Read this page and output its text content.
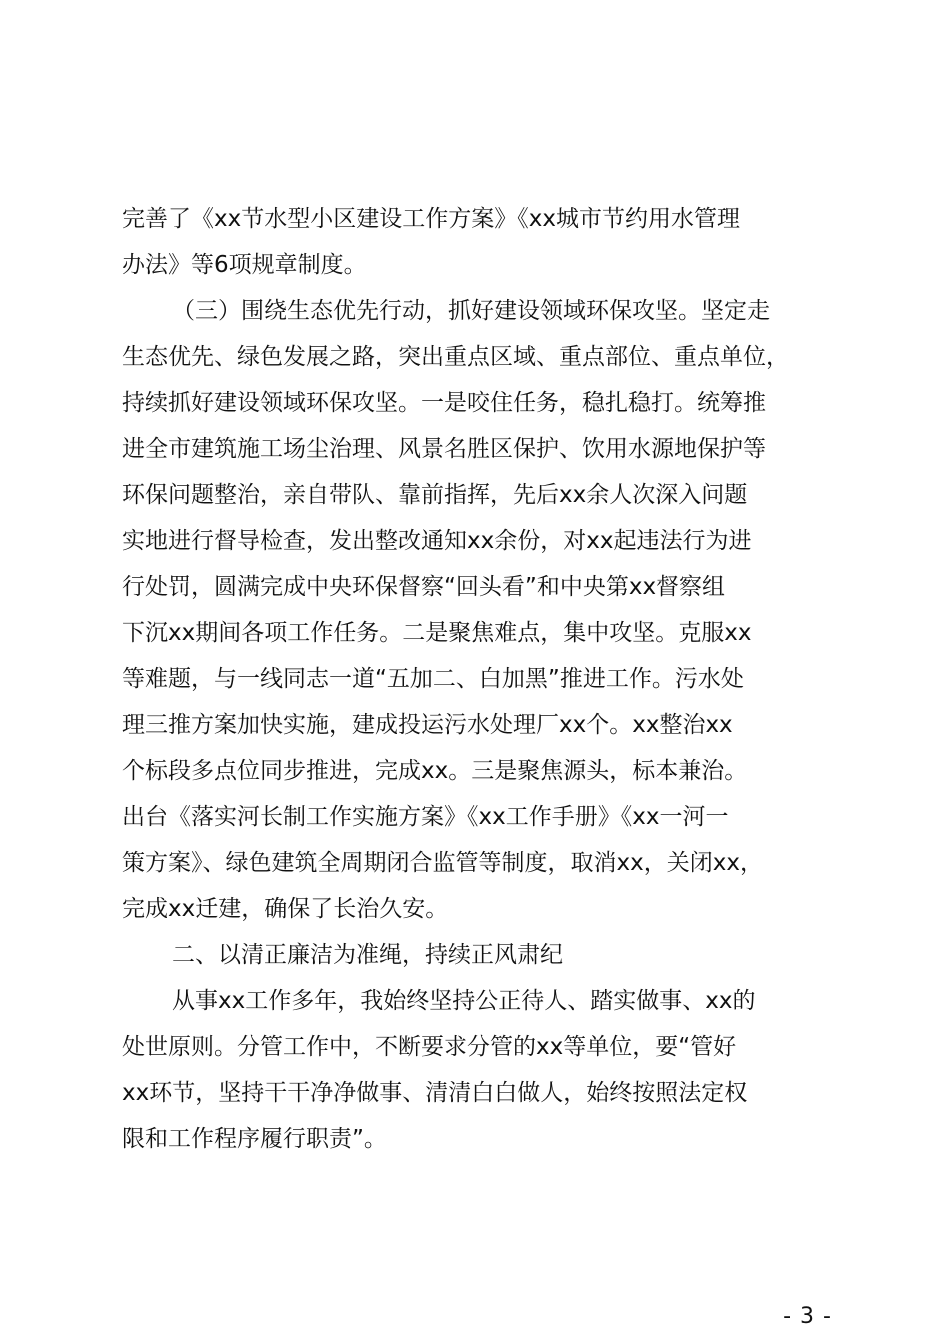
完善了《xx节水型小区建设工作方案》《xx城市节约用水管理
办法》等6项规章制度。
（三）围绕生态优先行动，抓好建设领域环保攻坚。坚定走
生态优先、绿色发展之路，突出重点区域、重点部位、重点单位，
持续抓好建设领域环保攻坚。一是咬住任务，稳扎稳打。统筹推
进全市建筑施工场尘治理、风景名胜区保护、饮用水源地保护等
环保问题整治，亲自带队、靠前指挥，先后xx余人次深入问题
实地进行督导检查，发出整改通知xx余份，对xx起违法行为进
行处罚，圆满完成中央环保督察“回头看”和中央第xx督察组
下沉xx期间各项工作任务。二是聚焦难点，集中攻坚。克服xx
等难题，与一线同志一道“五加二、白加黑”推进工作。污水处
理三推方案加快实施，建成投运污水处理厂xx个。xx整治xx
个标段多点位同步推进，完成xx。三是聚焦源头，标本兼治。
出台《落实河长制工作实施方案》《xx工作手册》《xx一河一
策方案》、绿色建筑全周期闭合监管等制度，取消xx，关闭xx，
完成xx迁建，确保了长治久安。
二、以清正廉洁为准绳，持续正风肃纪
从事xx工作多年，我始终坚持公正待人、踏实做事、xx的
处世原则。分管工作中，不断要求分管的xx等单位，要“管好
xx环节，坚持干干净净做事、清清白白做人，始终按照法定权
限和工作程序履行职责”。
- 3 -
